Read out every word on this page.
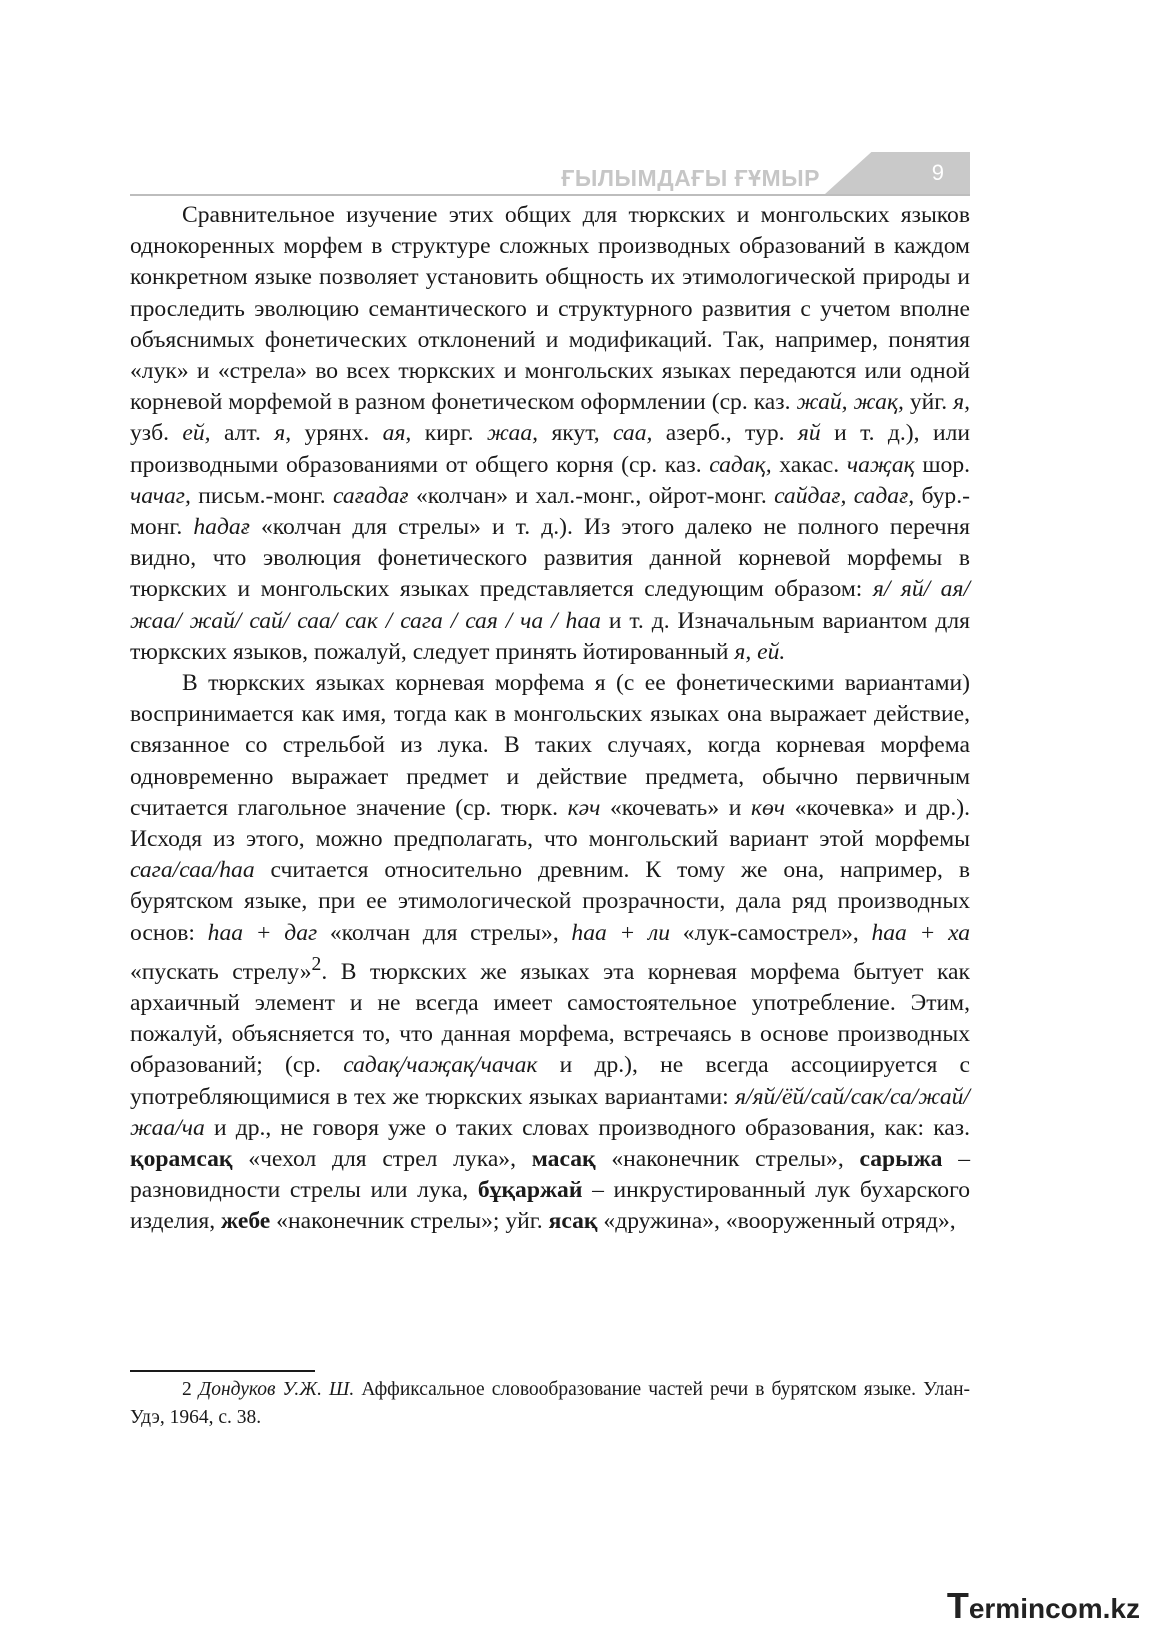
ҒЫЛЫМДАҒЫ ҒҰМЫР	9

Сравнительное изучение этих общих для тюркских и монгольских языков однокоренных морфем в структуре сложных производных образований в каждом конкретном языке позволяет установить общность их этимологической природы и проследить эволюцию семантического и структурного развития с учетом вполне объяснимых фонетических отклонений и модификаций. Так, например, понятия «лук» и «стрела» во всех тюркских и монгольских языках передаются или одной корневой морфемой в разном фонетическом оформлении (ср. каз. жай, жақ, уйг. я, узб. ей, алт. я, урянх. ая, кирг. жаа, якут, саа, азерб., тур. яй и т. д.), или производными образованиями от общего корня (ср. каз. садақ, хакас. чаҗақ шор. чачаг, письм.-монг. сағадағ «колчан» и хал.-монг., ойрот-монг. сайдағ, садағ, бур.-монг. һадағ «колчан для стрелы» и т. д.). Из этого далеко не полного перечня видно, что эволюция фонетического развития данной корневой морфемы в тюркских и монгольских языках представляется следующим образом: я/ яй/ ая/ жаа/ жай/ сай/ саа/ сак / сага / сая / ча / һаа и т. д. Изначальным вариантом для тюркских языков, пожалуй, следует принять йотированный я, ей.

В тюркских языках корневая морфема я (с ее фонетическими вариантами) воспринимается как имя, тогда как в монгольских языках она выражает действие, связанное со стрельбой из лука. В таких случаях, когда корневая морфема одновременно выражает предмет и действие предмета, обычно первичным считается глагольное значение (ср. тюрк. кәч «кочевать» и көч «кочевка» и др.). Исходя из этого, можно предполагать, что монгольский вариант этой морфемы сага/саа/һаа считается относительно древним. К тому же она, например, в бурятском языке, при ее этимологической прозрачности, дала ряд производных основ: һаа + даг «колчан для стрелы», һаа + ли «лук-самострел», һаа + ха «пускать стрелу»$^2$. В тюркских же языках эта корневая морфема бытует как архаичный элемент и не всегда имеет самостоятельное употребление. Этим, пожалуй, объясняется то, что данная морфема, встречаясь в основе производных образований; (ср. садақ/чаҗақ/чачак и др.), не всегда ассоциируется с употребляющимися в тех же тюркских языках вариантами: я/яй/ёй/сай/сак/са/жай/жаа/ча и др., не говоря уже о таких словах производного образования, как: каз. қорамсақ «чехол для стрел лука», масақ «наконечник стрелы», сарыжа – разновидности стрелы или лука, бұқаржай – инкрустированный лук бухарского изделия, жебе «наконечник стрелы»; уйг. ясақ «дружина», «вооруженный отряд»,

2 Дондуков У.Ж. Ш. Аффиксальное словообразование частей речи в бурятском языке. Улан-Удэ, 1964, с. 38.
Termincom.kz
